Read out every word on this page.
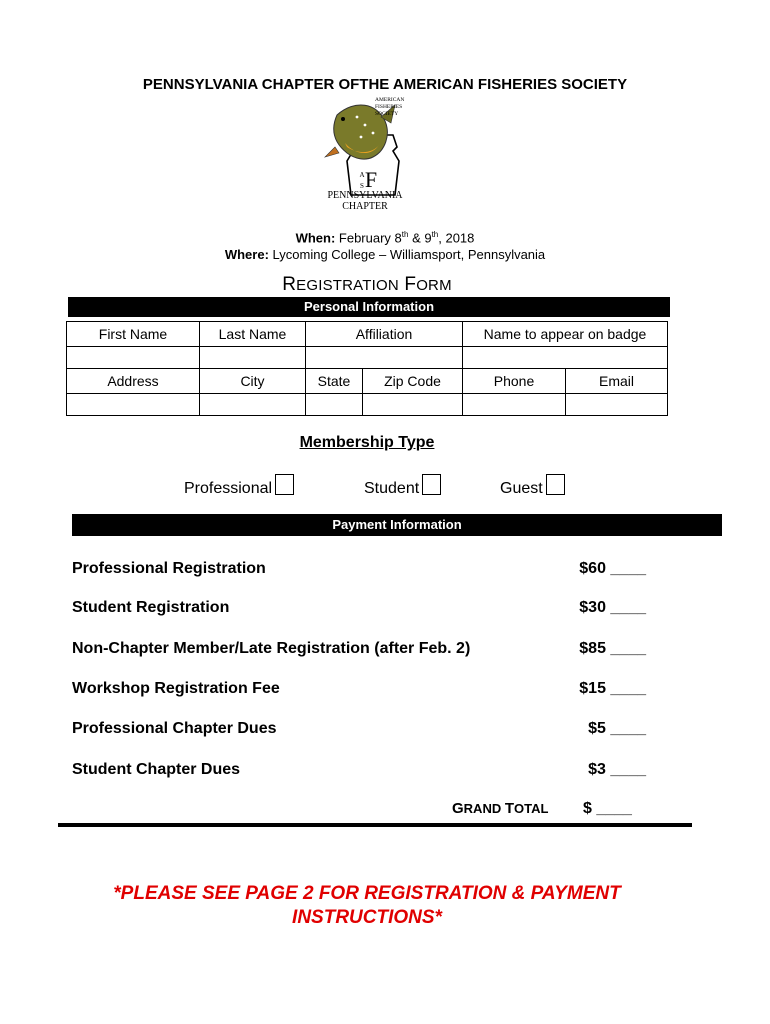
PENNSYLVANIA CHAPTER OFTHE AMERICAN FISHERIES SOCIETY
F
A
S
AMERICAN
FISHERIES
SOCIETY
PENNSYLVANIA
CHAPTER
When: February 8th & 9th, 2018
Where: Lycoming College – Williamsport, Pennsylvania
REGISTRATION FORM
Personal Information
First Name	Last Name	Affiliation		Name to appear on badge	

Address	City	State	Zip Code	Phone	Email

Membership Type
Professional	Student	Guest
Payment Information
Professional Registration	$60 ____
Student Registration	$30 ____
Non-Chapter Member/Late Registration (after Feb. 2)	$85 ____
Workshop Registration Fee	$15 ____
Professional Chapter Dues	$5 ____
Student Chapter Dues	$3 ____
GRAND TOTAL $ ____
*PLEASE SEE PAGE 2 FOR REGISTRATION & PAYMENT
INSTRUCTIONS*
